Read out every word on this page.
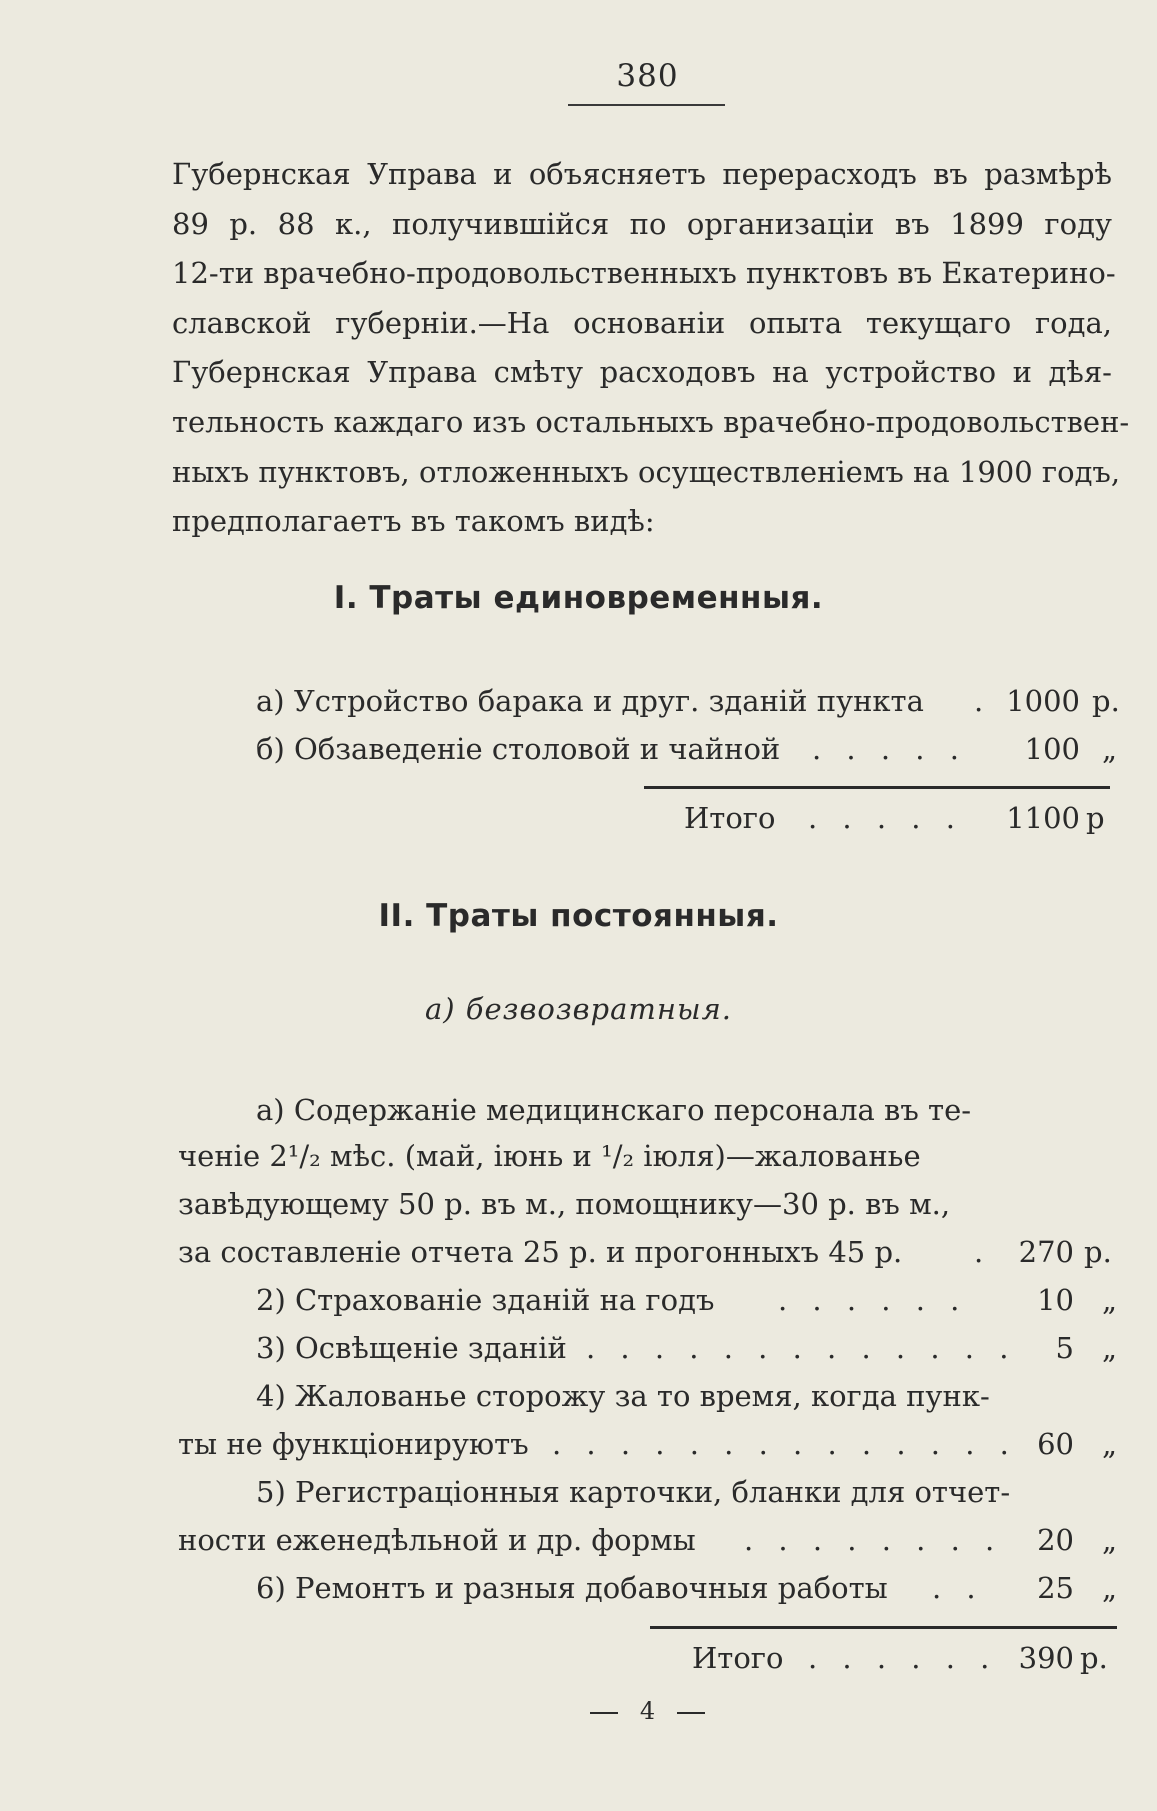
380
Губернская Управа и объясняетъ перерасходъ въ размѣрѣ
89 р. 88 к., получившійся по организаціи въ 1899 году
12-ти врачебно-продовольственныхъ пунктовъ въ Екатерино-
славской губерніи.—На основаніи опыта текущаго года,
Губернская Управа смѣту расходовъ на устройство и дѣя-
тельность каждаго изъ остальныхъ врачебно-продовольствен-
ныхъ пунктовъ, отложенныхъ осуществленіемъ на 1900 годъ,
предполагаетъ въ такомъ видѣ:
I. Траты единовременныя.
а) Устройство барака и друг. зданій пункта . 1000 р.
б) Обзаведеніе столовой и чайной . . . . .	100 „
Итого . . . . .	1100 р
II. Траты постоянныя.
а) безвозвратныя.
а) Содержаніе медицинскаго персонала въ те-
ченіе 2¹/₂ мѣс. (май, іюнь и ¹/₂ іюля)—жалованье
завѣдующему 50 р. въ м., помощнику—30 р. въ м.,
за составленіе отчета 25 р. и прогонныхъ 45 р. . 270 р.
2) Страхованіе зданій на годъ . . . . . .	10 „
3) Освѣщеніе зданій . . . . . . . . . . . . .	5 „
4) Жалованье сторожу за то время, когда пунк-
ты не функціонируютъ . . . . . . . . . . . . . . 60 „
5) Регистраціонныя карточки, бланки для отчет-
ности еженедѣльной и др. формы . . . . . . . .	20 „
6) Ремонтъ и разныя добавочныя работы . .	25 „
Итого . . . . . . 390 р.
4
